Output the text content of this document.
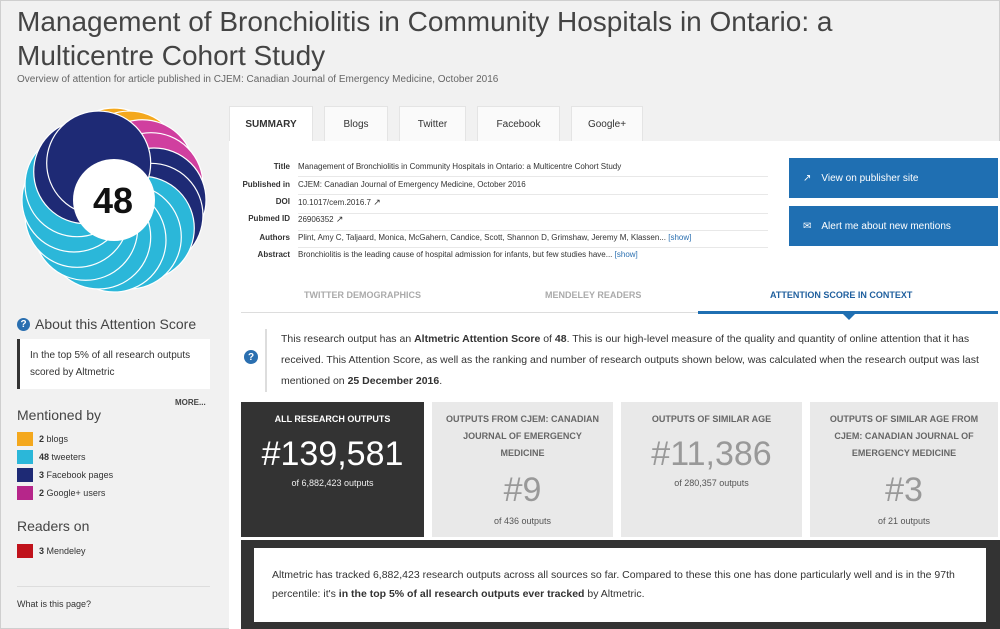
Management of Bronchiolitis in Community Hospitals in Ontario: a Multicentre Cohort Study
Overview of attention for article published in CJEM: Canadian Journal of Emergency Medicine, October 2016
48
? About this Attention Score
In the top 5% of all research outputs scored by Altmetric
MORE...
Mentioned by
2 blogs
48 tweeters
3 Facebook pages
2 Google+ users
Readers on
3 Mendeley
What is this page?
SUMMARY	Blogs	Twitter	Facebook	Google+
Title	Management of Bronchiolitis in Community Hospitals in Ontario: a Multicentre Cohort Study
Published in	CJEM: Canadian Journal of Emergency Medicine, October 2016
DOI	10.1017/cem.2016.7 ↗
Pubmed ID	26906352 ↗
Authors	Plint, Amy C, Taljaard, Monica, McGahern, Candice, Scott, Shannon D, Grimshaw, Jeremy M, Klassen... [show]
Abstract	Bronchiolitis is the leading cause of hospital admission for infants, but few studies have... [show]
↗ View on publisher site
✉ Alert me about new mentions
TWITTER DEMOGRAPHICS	MENDELEY READERS	ATTENTION SCORE IN CONTEXT
?
This research output has an Altmetric Attention Score of 48. This is our high-level measure of the quality and quantity of online attention that it has received. This Attention Score, as well as the ranking and number of research outputs shown below, was calculated when the research output was last mentioned on 25 December 2016.
ALL RESEARCH OUTPUTS
#139,581
of 6,882,423 outputs
OUTPUTS FROM CJEM: CANADIAN JOURNAL OF EMERGENCY MEDICINE
#9
of 436 outputs
OUTPUTS OF SIMILAR AGE
#11,386
of 280,357 outputs
OUTPUTS OF SIMILAR AGE FROM CJEM: CANADIAN JOURNAL OF EMERGENCY MEDICINE
#3
of 21 outputs
Altmetric has tracked 6,882,423 research outputs across all sources so far. Compared to these this one has done particularly well and is in the 97th percentile: it's in the top 5% of all research outputs ever tracked by Altmetric.
